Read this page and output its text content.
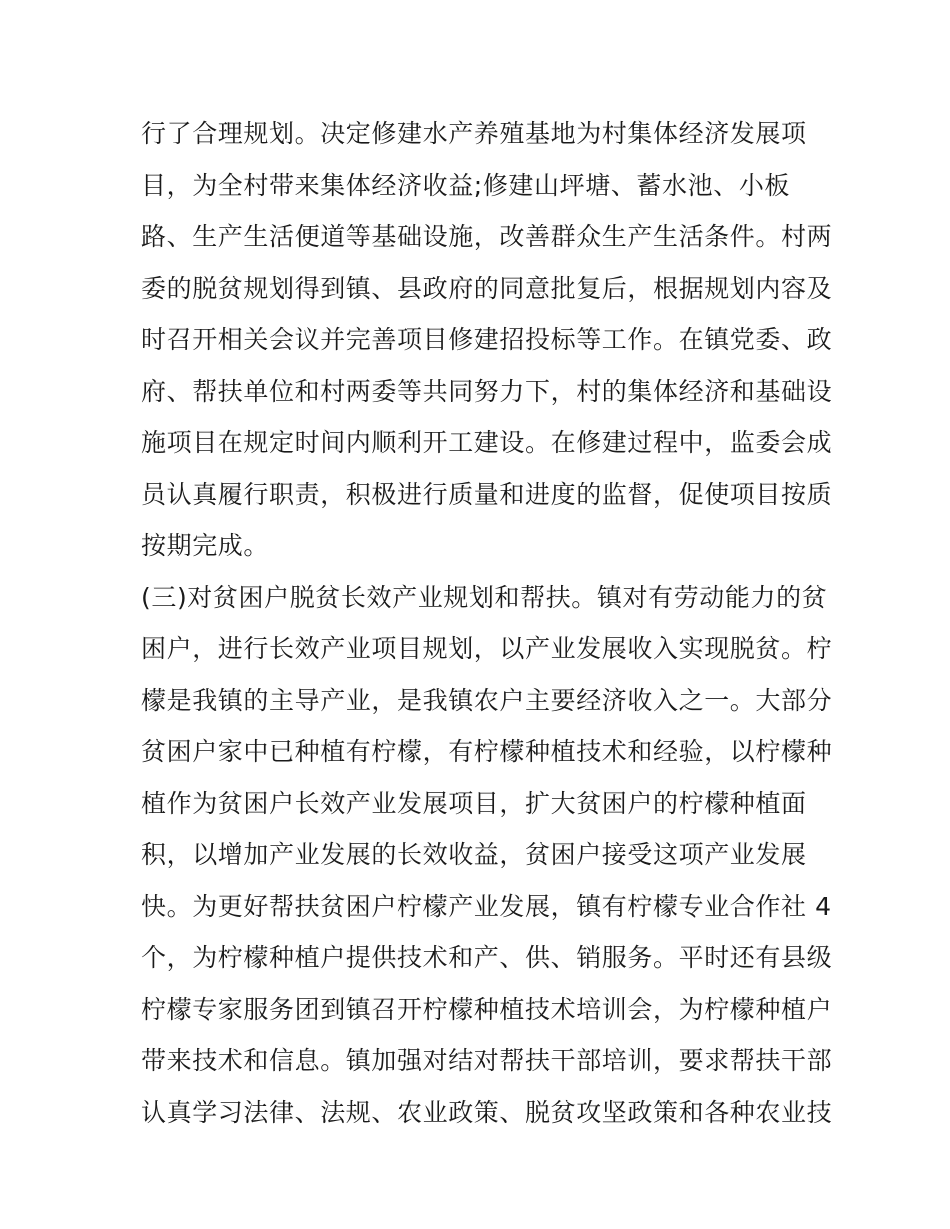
行了合理规划。决定修建水产养殖基地为村集体经济发展项
目，为全村带来集体经济收益;修建山坪塘、蓄水池、小板
路、生产生活便道等基础设施，改善群众生产生活条件。村两
委的脱贫规划得到镇、县政府的同意批复后，根据规划内容及
时召开相关会议并完善项目修建招投标等工作。在镇党委、政
府、帮扶单位和村两委等共同努力下，村的集体经济和基础设
施项目在规定时间内顺利开工建设。在修建过程中，监委会成
员认真履行职责，积极进行质量和进度的监督，促使项目按质
按期完成。
(三)对贫困户脱贫长效产业规划和帮扶。镇对有劳动能力的贫
困户，进行长效产业项目规划，以产业发展收入实现脱贫。柠
檬是我镇的主导产业，是我镇农户主要经济收入之一。大部分
贫困户家中已种植有柠檬，有柠檬种植技术和经验，以柠檬种
植作为贫困户长效产业发展项目，扩大贫困户的柠檬种植面
积，以增加产业发展的长效收益，贫困户接受这项产业发展
快。为更好帮扶贫困户柠檬产业发展，镇有柠檬专业合作社 4
个，为柠檬种植户提供技术和产、供、销服务。平时还有县级
柠檬专家服务团到镇召开柠檬种植技术培训会，为柠檬种植户
带来技术和信息。镇加强对结对帮扶干部培训，要求帮扶干部
认真学习法律、法规、农业政策、脱贫攻坚政策和各种农业技
